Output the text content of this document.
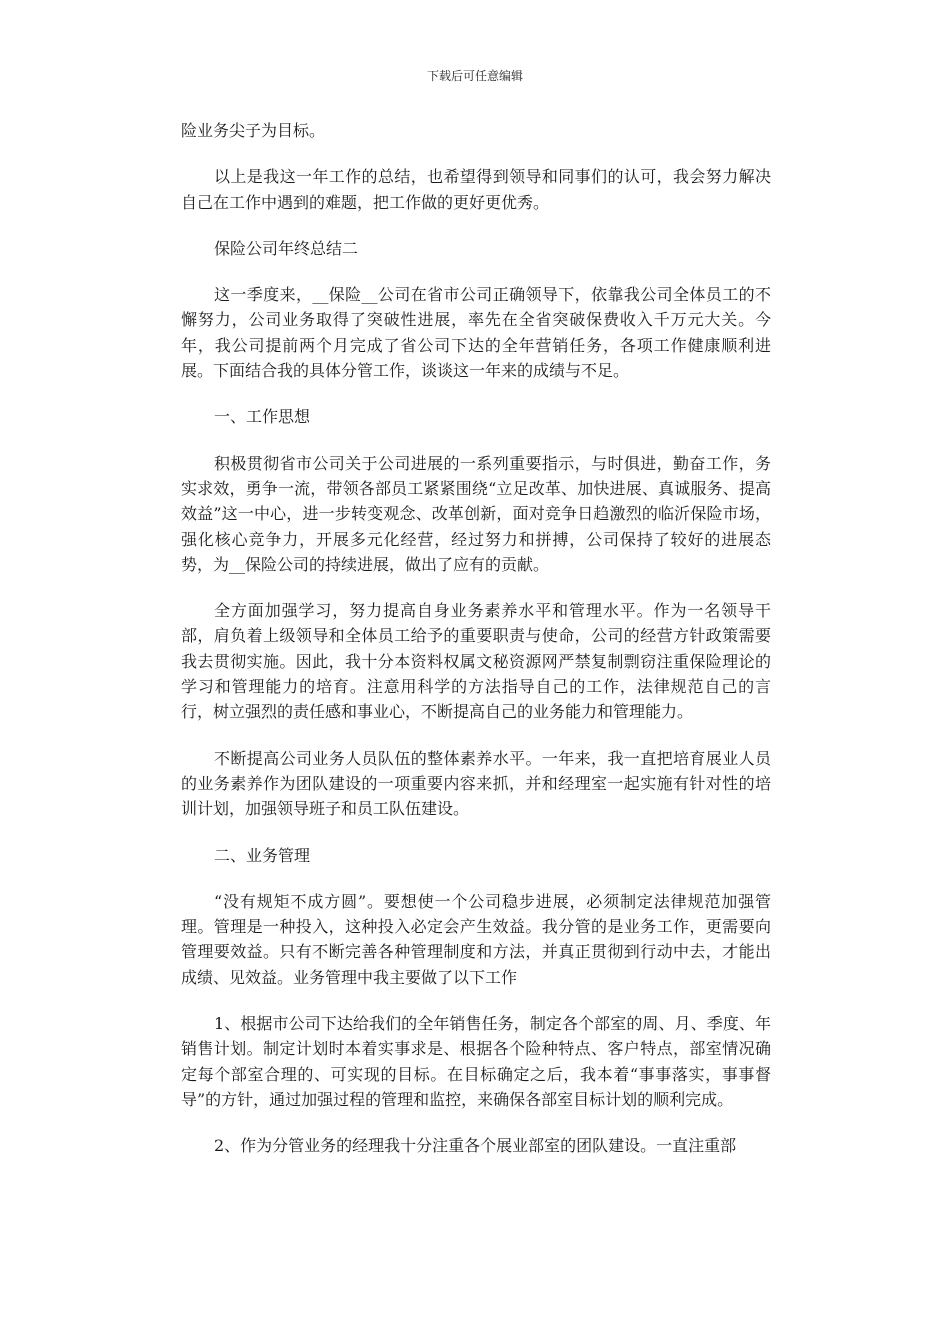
下载后可任意编辑

险业务尖子为目标。

以上是我这一年工作的总结，也希望得到领导和同事们的认可，我会努力解决自己在工作中遇到的难题，把工作做的更好更优秀。

保险公司年终总结二

这一季度来，__保险__公司在省市公司正确领导下，依靠我公司全体员工的不懈努力，公司业务取得了突破性进展，率先在全省突破保费收入千万元大关。今年，我公司提前两个月完成了省公司下达的全年营销任务，各项工作健康顺利进展。下面结合我的具体分管工作，谈谈这一年来的成绩与不足。

一、工作思想

积极贯彻省市公司关于公司进展的一系列重要指示，与时俱进，勤奋工作，务实求效，勇争一流，带领各部员工紧紧围绕“立足改革、加快进展、真诚服务、提高效益”这一中心，进一步转变观念、改革创新，面对竞争日趋激烈的临沂保险市场，强化核心竞争力，开展多元化经营，经过努力和拼搏，公司保持了较好的进展态势，为__保险公司的持续进展，做出了应有的贡献。

全方面加强学习，努力提高自身业务素养水平和管理水平。作为一名领导干部，肩负着上级领导和全体员工给予的重要职责与使命，公司的经营方针政策需要我去贯彻实施。因此，我十分本资料权属文秘资源网严禁复制剽窃注重保险理论的学习和管理能力的培育。注意用科学的方法指导自己的工作，法律规范自己的言行，树立强烈的责任感和事业心，不断提高自己的业务能力和管理能力。

不断提高公司业务人员队伍的整体素养水平。一年来，我一直把培育展业人员的业务素养作为团队建设的一项重要内容来抓，并和经理室一起实施有针对性的培训计划，加强领导班子和员工队伍建设。

二、业务管理

“没有规矩不成方圆”。要想使一个公司稳步进展，必须制定法律规范加强管理。管理是一种投入，这种投入必定会产生效益。我分管的是业务工作，更需要向管理要效益。只有不断完善各种管理制度和方法，并真正贯彻到行动中去，才能出成绩、见效益。业务管理中我主要做了以下工作

1、根据市公司下达给我们的全年销售任务，制定各个部室的周、月、季度、年销售计划。制定计划时本着实事求是、根据各个险种特点、客户特点，部室情况确定每个部室合理的、可实现的目标。在目标确定之后，我本着“事事落实，事事督导”的方针，通过加强过程的管理和监控，来确保各部室目标计划的顺利完成。

2、作为分管业务的经理我十分注重各个展业部室的团队建设。一直注重部
